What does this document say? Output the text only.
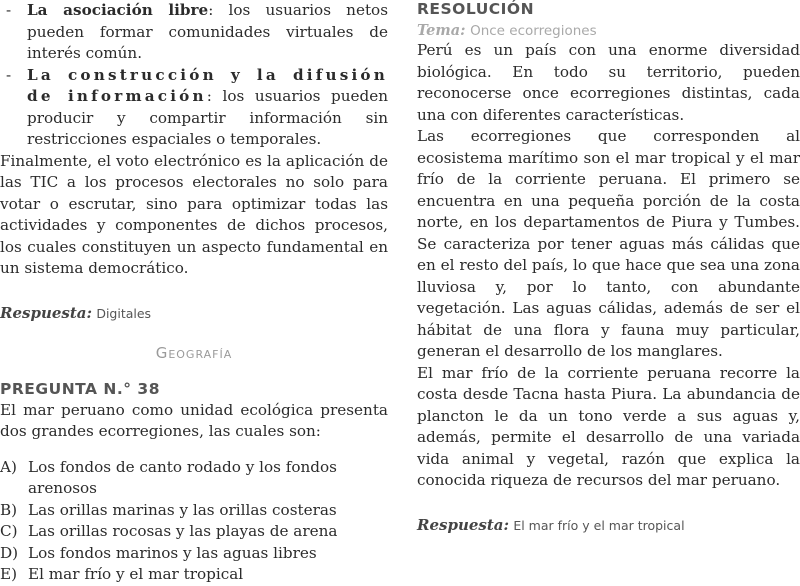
- La asociación libre: los usuarios netos pueden formar comunidades virtuales de interés común.
- La construcción y la difusión de información: los usuarios pueden producir y compartir información sin restricciones espaciales o temporales.

Finalmente, el voto electrónico es la aplicación de las TIC a los procesos electorales no solo para votar o escrutar, sino para optimizar todas las actividades y componentes de dichos procesos, los cuales constituyen un aspecto fundamental en un sistema democrático.

Respuesta: Digitales

Geografía
PREGUNTA N.° 38

El mar peruano como unidad ecológica presenta dos grandes ecorregiones, las cuales son:

A) Los fondos de canto rodado y los fondos arenosos
B) Las orillas marinas y las orillas costeras
C) Las orillas rocosas y las playas de arena
D) Los fondos marinos y las aguas libres
E) El mar frío y el mar tropical
RESOLUCIÓN

Tema: Once ecorregiones

Perú es un país con una enorme diversidad biológica. En todo su territorio, pueden reconocerse once ecorregiones distintas, cada una con diferentes características.

Las ecorregiones que corresponden al ecosistema marítimo son el mar tropical y el mar frío de la corriente peruana. El primero se encuentra en una pequeña porción de la costa norte, en los departamentos de Piura y Tumbes. Se caracteriza por tener aguas más cálidas que en el resto del país, lo que hace que sea una zona lluviosa y, por lo tanto, con abundante vegetación. Las aguas cálidas, además de ser el hábitat de una flora y fauna muy particular, generan el desarrollo de los manglares.

El mar frío de la corriente peruana recorre la costa desde Tacna hasta Piura. La abundancia de plancton le da un tono verde a sus aguas y, además, permite el desarrollo de una variada vida animal y vegetal, razón que explica la conocida riqueza de recursos del mar peruano.

Respuesta: El mar frío y el mar tropical
